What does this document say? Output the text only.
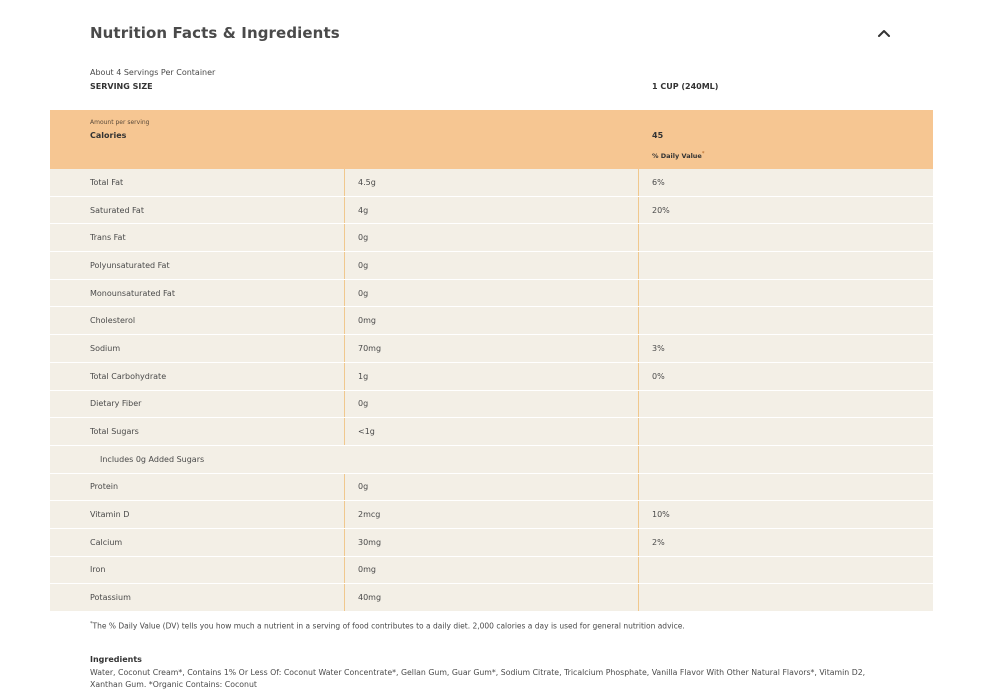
Nutrition Facts & Ingredients
About 4 Servings Per Container
SERVING SIZE	1 CUP (240ML)
Amount per serving
Calories	45
% Daily Value*
Total Fat	4.5g	6%
Saturated Fat	4g	20%
Trans Fat	0g
Polyunsaturated Fat	0g
Monounsaturated Fat	0g
Cholesterol	0mg
Sodium	70mg	3%
Total Carbohydrate	1g	0%
Dietary Fiber	0g
Total Sugars	<1g
Includes 0g Added Sugars
Protein	0g
Vitamin D	2mcg	10%
Calcium	30mg	2%
Iron	0mg
Potassium	40mg
*The % Daily Value (DV) tells you how much a nutrient in a serving of food contributes to a daily diet. 2,000 calories a day is used for general nutrition advice.
Ingredients
Water, Coconut Cream*, Contains 1% Or Less Of: Coconut Water Concentrate*, Gellan Gum, Guar Gum*, Sodium Citrate, Tricalcium Phosphate, Vanilla Flavor With Other Natural Flavors*, Vitamin D2, Xanthan Gum. *Organic Contains: Coconut
